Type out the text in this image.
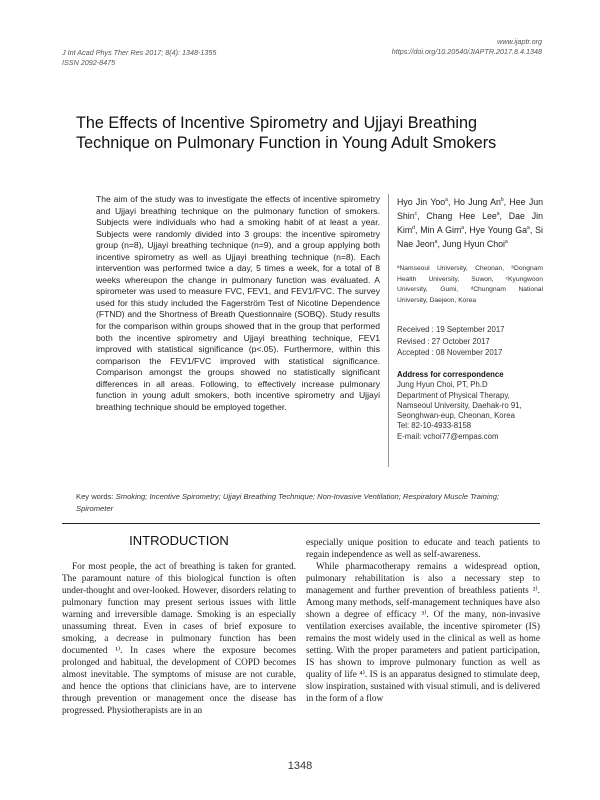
J Int Acad Phys Ther Res 2017; 8(4): 1348-1355
ISSN 2092-8475
www.ijaptr.org
https://doi.org/10.20540/JIAPTR.2017.8.4.1348
The Effects of Incentive Spirometry and Ujjayi Breathing Technique on Pulmonary Function in Young Adult Smokers
The aim of the study was to investigate the effects of incentive spirometry and Ujjayi breathing technique on the pulmonary function of smokers. Subjects were individuals who had a smoking habit of at least a year. Subjects were randomly divided into 3 groups: the incentive spirometry group (n=8), Ujjayi breathing technique (n=9), and a group applying both incentive spirometry as well as Ujjayi breathing technique (n=8). Each intervention was performed twice a day, 5 times a week, for a total of 8 weeks whereupon the change in pulmonary function was evaluated. A spirometer was used to measure FVC, FEV1, and FEV1/FVC. The survey used for this study included the Fagerström Test of Nicotine Dependence (FTND) and the Shortness of Breath Questionnaire (SOBQ). Study results for the comparison within groups showed that in the group that performed both the incentive spirometry and Ujjayi breathing technique, FEV1 improved with statistical significance (p<.05). Furthermore, within this comparison the FEV1/FVC improved with statistical significance. Comparison amongst the groups showed no statistically significant differences in all areas. Following, to effectively increase pulmonary function in young adult smokers, both incentive spirometry and Ujjayi breathing technique should be employed together.
Hyo Jin Yoo$^a$, Ho Jung An$^b$, Hee Jun Shin$^c$, Chang Hee Lee$^a$, Dae Jin Kim$^d$, Min A Gim$^a$, Hye Young Ga$^a$, Si Nae Jeon$^a$, Jung Hyun Choi$^a$
ªNamseoul University, Cheonan, ᵇDongnam Health University, Suwon, ᶜKyungwoon University, Gumi, ᵈChungnam National University, Daejeon, Korea
Received : 19 September 2017
Revised : 27 October 2017
Accepted : 08 November 2017
Address for correspondence
Jung Hyun Choi, PT, Ph.D
Department of Physical Therapy, Namseoul University, Daehak-ro 91, Seonghwan-eup, Cheonan, Korea
Tel: 82-10-4933-8158
E-mail: vchoi77@empas.com
Key words: Smoking; Incentive Spirometry; Ujjayi Breathing Technique; Non-Invasive Ventilation; Respiratory Muscle Training; Spirometer
INTRODUCTION

For most people, the act of breathing is taken for granted. The paramount nature of this biological function is often under-thought and over-looked. However, disorders relating to pulmonary function may present serious issues with little warning and irreversible damage. Smoking is an especially unassuming threat. Even in cases of brief exposure to smoking, a decrease in pulmonary function has been documented ¹⁾. In cases where the exposure becomes prolonged and habitual, the development of COPD becomes almost inevitable. The symptoms of misuse are not curable, and hence the options that clinicians have, are to intervene through prevention or management once the disease has progressed. Physiotherapists are in an

especially unique position to educate and teach patients to regain independence as well as self-awareness.

While pharmacotherapy remains a widespread option, pulmonary rehabilitation is also a necessary step to management and further prevention of breathless patients ²⁾. Among many methods, self-management techniques have also shown a degree of efficacy ³⁾. Of the many, non-invasive ventilation exercises available, the incentive spirometer (IS) remains the most widely used in the clinical as well as home setting. With the proper parameters and patient participation, IS has shown to improve pulmonary function as well as quality of life ⁴⁾. IS is an apparatus designed to stimulate deep, slow inspiration, sustained with visual stimuli, and is delivered in the form of a flow

1348
